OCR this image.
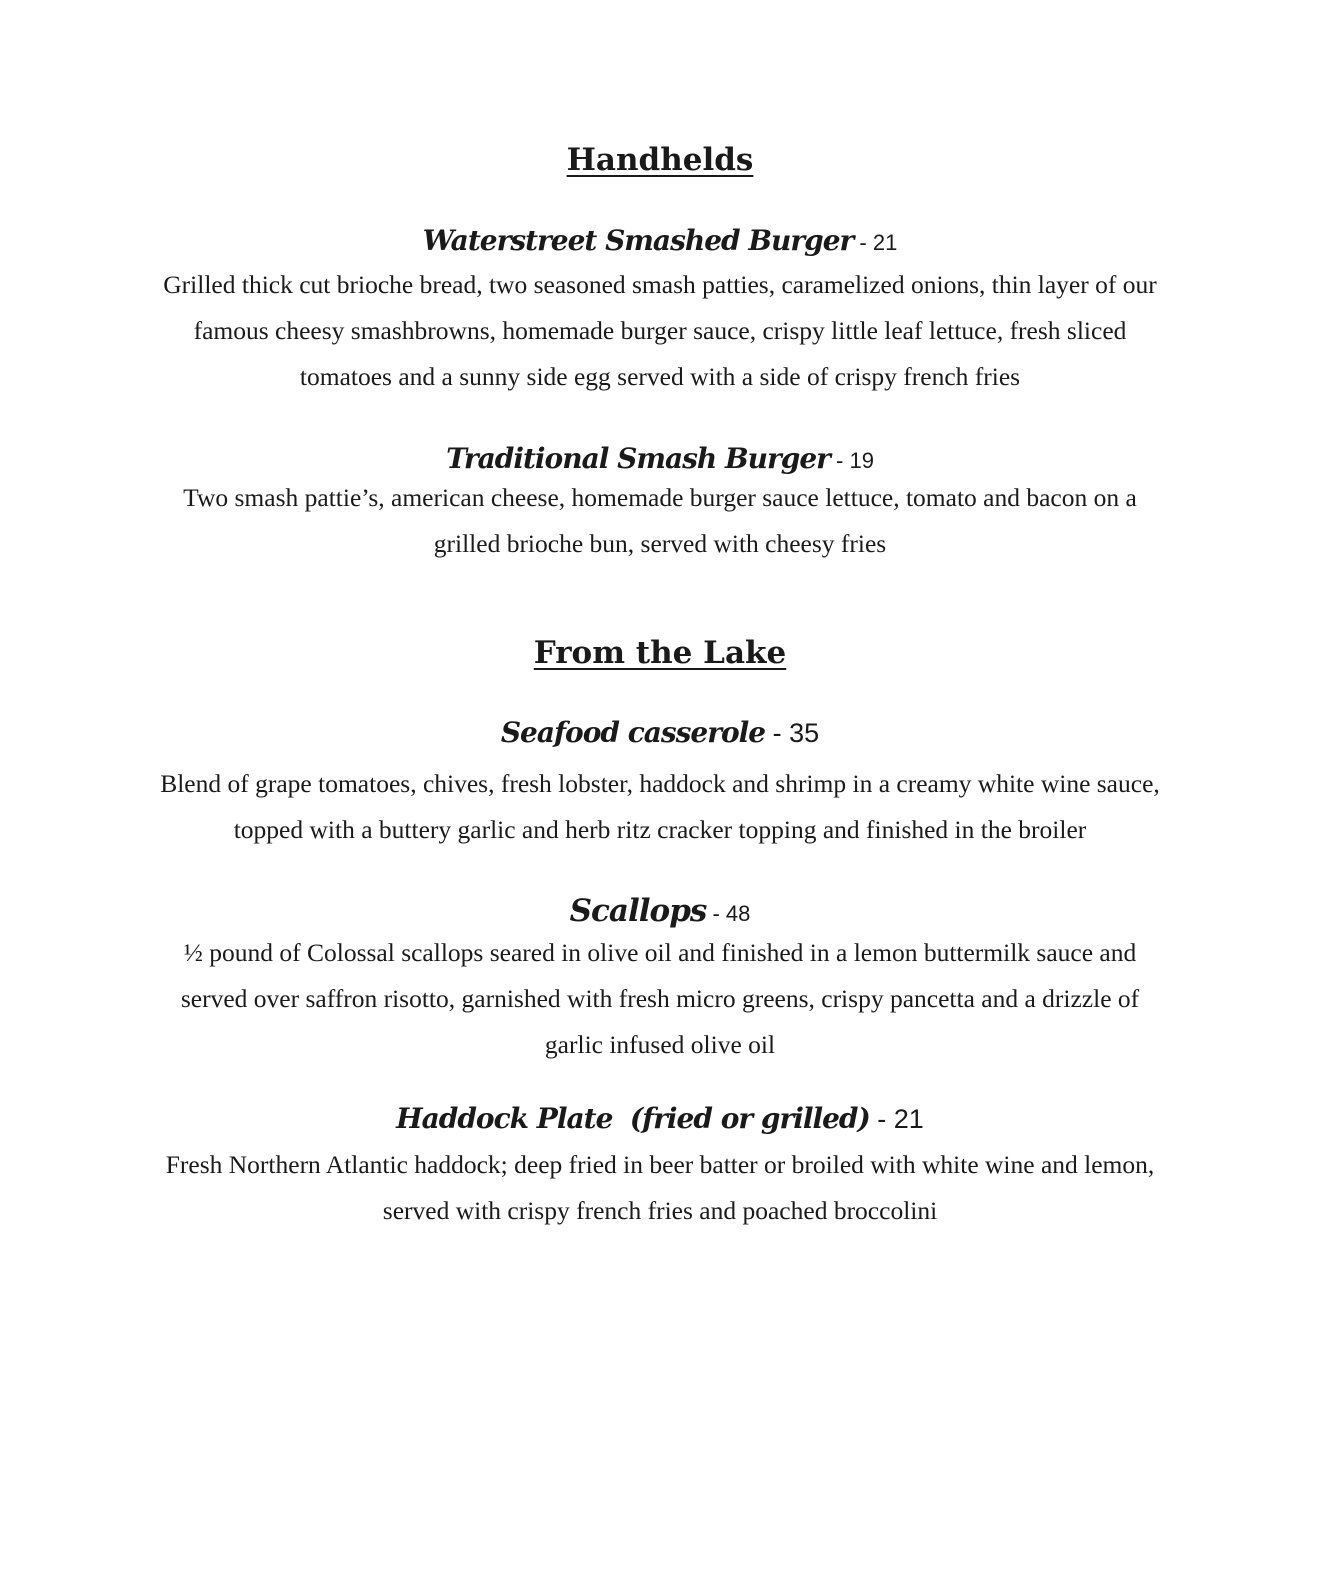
Handhelds

Waterstreet Smashed Burger - 21

Grilled thick cut brioche bread, two seasoned smash patties, caramelized onions, thin layer of our famous cheesy smashbrowns, homemade burger sauce, crispy little leaf lettuce, fresh sliced tomatoes and a sunny side egg served with a side of crispy french fries

Traditional Smash Burger - 19

Two smash pattie’s, american cheese, homemade burger sauce lettuce, tomato and bacon on a grilled brioche bun, served with cheesy fries

From the Lake

Seafood casserole - 35

Blend of grape tomatoes, chives, fresh lobster, haddock and shrimp in a creamy white wine sauce, topped with a buttery garlic and herb ritz cracker topping and finished in the broiler

Scallops - 48

½ pound of Colossal scallops seared in olive oil and finished in a lemon buttermilk sauce and served over saffron risotto, garnished with fresh micro greens, crispy pancetta and a drizzle of garlic infused olive oil

Haddock Plate  (fried or grilled) - 21

Fresh Northern Atlantic haddock; deep fried in beer batter or broiled with white wine and lemon, served with crispy french fries and poached broccolini
